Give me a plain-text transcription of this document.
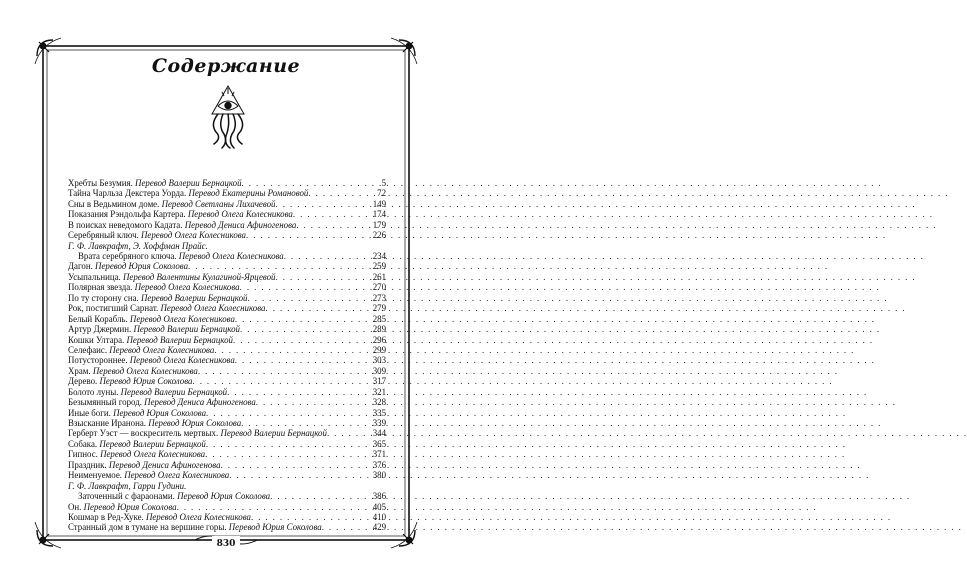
Содержание
Хребты Безумия. Перевод Валерии Бернацкой . . .	5
Тайна Чарльза Декстера Уорда. Перевод Екатерины Романовой . . .	72
Сны в Ведьмином доме. Перевод Светланы Лихачевой . . .	149
Показания Рэндольфа Картера. Перевод Олега Колесникова . . .	174
В поисках неведомого Кадата. Перевод Дениса Афиногенова . . .	179
Серебряный ключ. Перевод Олега Колесникова . . .	226
Г. Ф. Лавкрафт, Э. Хоффман Прайс.
Врата серебряного ключа. Перевод Олега Колесникова . . .	234
Дагон. Перевод Юрия Соколова . . .	259
Усыпальница. Перевод Валентины Кулагиной-Ярцевой . . .	261
Полярная звезда. Перевод Олега Колесникова . . .	270
По ту сторону сна. Перевод Валерии Бернацкой . . .	273
Рок, постигший Сарнат. Перевод Олега Колесникова . . .	279
Белый Корабль. Перевод Олега Колесникова . . .	285
Артур Джермин. Перевод Валерии Бернацкой . . .	289
Кошки Ултара. Перевод Валерии Бернацкой . . .	296
Селефаис. Перевод Олега Колесникова . . .	299
Потустороннее. Перевод Олега Колесникова . . .	303
Храм. Перевод Олега Колесникова . . .	309
Дерево. Перевод Юрия Соколова . . .	317
Болото луны. Перевод Валерии Бернацкой . . .	321
Безымянный город. Перевод Дениса Афиногенова . . .	328
Иные боги. Перевод Юрия Соколова . . .	335
Взыскание Иранона. Перевод Юрия Соколова . . .	339
Герберт Уэст — воскреситель мертвых. Перевод Валерии Бернацкой . . .	344
Собака. Перевод Валерии Бернацкой . . .	365
Гипнос. Перевод Олега Колесникова . . .	371
Праздник. Перевод Дениса Афиногенова . . .	376
Неименуемое. Перевод Олега Колесникова . . .	380
Г. Ф. Лавкрафт, Гарри Гудини.
Заточенный с фараонами. Перевод Юрия Соколова . . .	386
Он. Перевод Юрия Соколова . . .	405
Кошмар в Ред-Хуке. Перевод Олега Колесникова . . .	410
Странный дом в тумане на вершине горы. Перевод Юрия Соколова . . .	429
830
